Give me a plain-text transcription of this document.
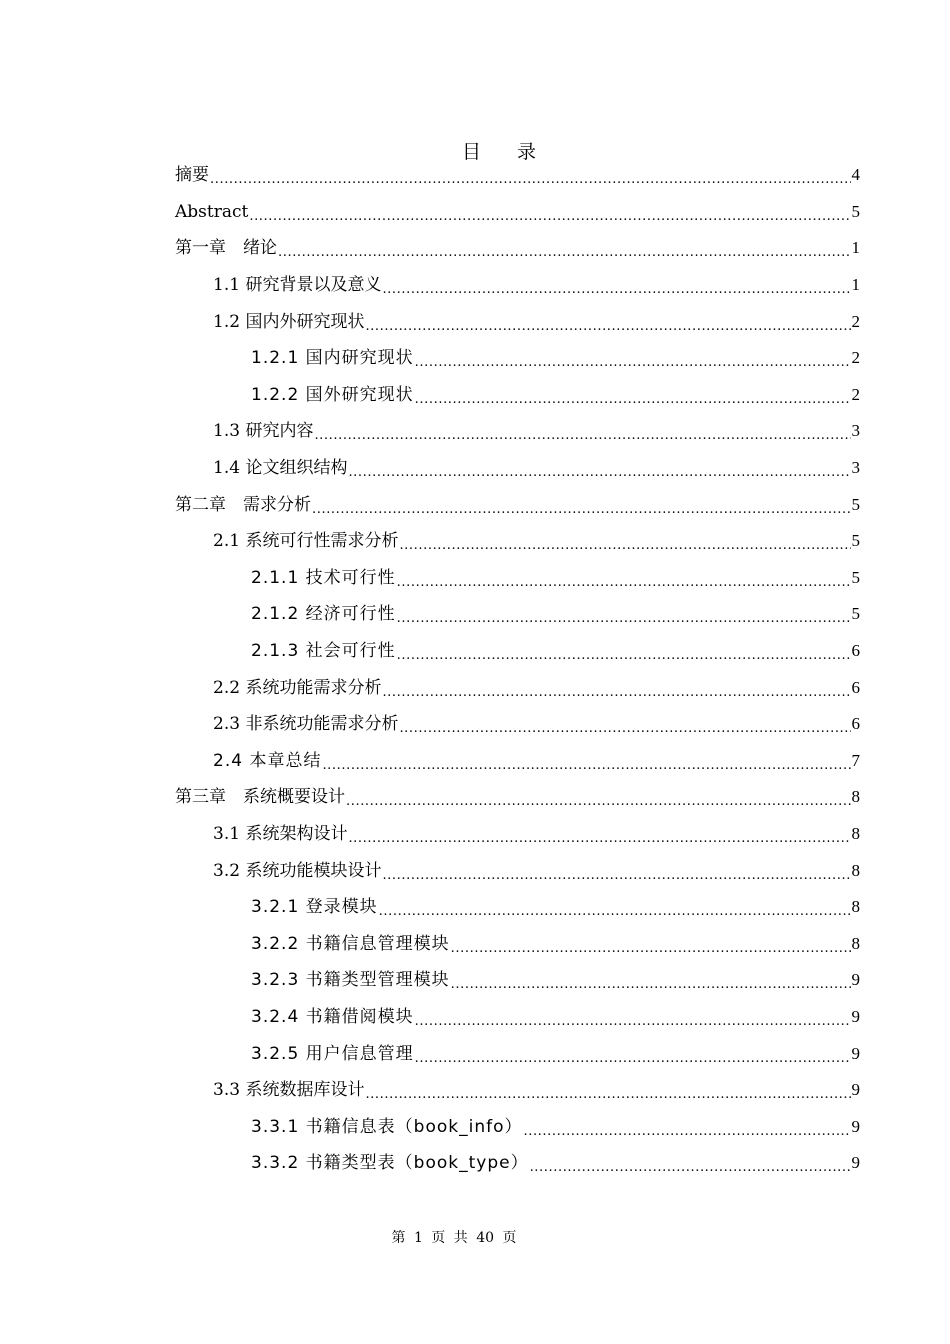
目 录
摘要 .....	4
Abstract .....	5
第一章　绪论 .....	1
1.1 研究背景以及意义 .....	1
1.2 国内外研究现状 .....	2
1.2.1 国内研究现状 .....	2
1.2.2 国外研究现状 .....	2
1.3 研究内容 .....	3
1.4 论文组织结构 .....	3
第二章　需求分析 .....	5
2.1 系统可行性需求分析 .....	5
2.1.1 技术可行性 .....	5
2.1.2 经济可行性 .....	5
2.1.3 社会可行性 .....	6
2.2 系统功能需求分析 .....	6
2.3 非系统功能需求分析 .....	6
2.4 本章总结 .....	7
第三章　系统概要设计 .....	8
3.1 系统架构设计 .....	8
3.2 系统功能模块设计 .....	8
3.2.1 登录模块 .....	8
3.2.2 书籍信息管理模块 .....	8
3.2.3 书籍类型管理模块 .....	9
3.2.4 书籍借阅模块 .....	9
3.2.5 用户信息管理 .....	9
3.3 系统数据库设计 .....	9
3.3.1 书籍信息表（book_info） .....	9
3.3.2 书籍类型表（book_type） .....	9
第 1 页 共 40 页
